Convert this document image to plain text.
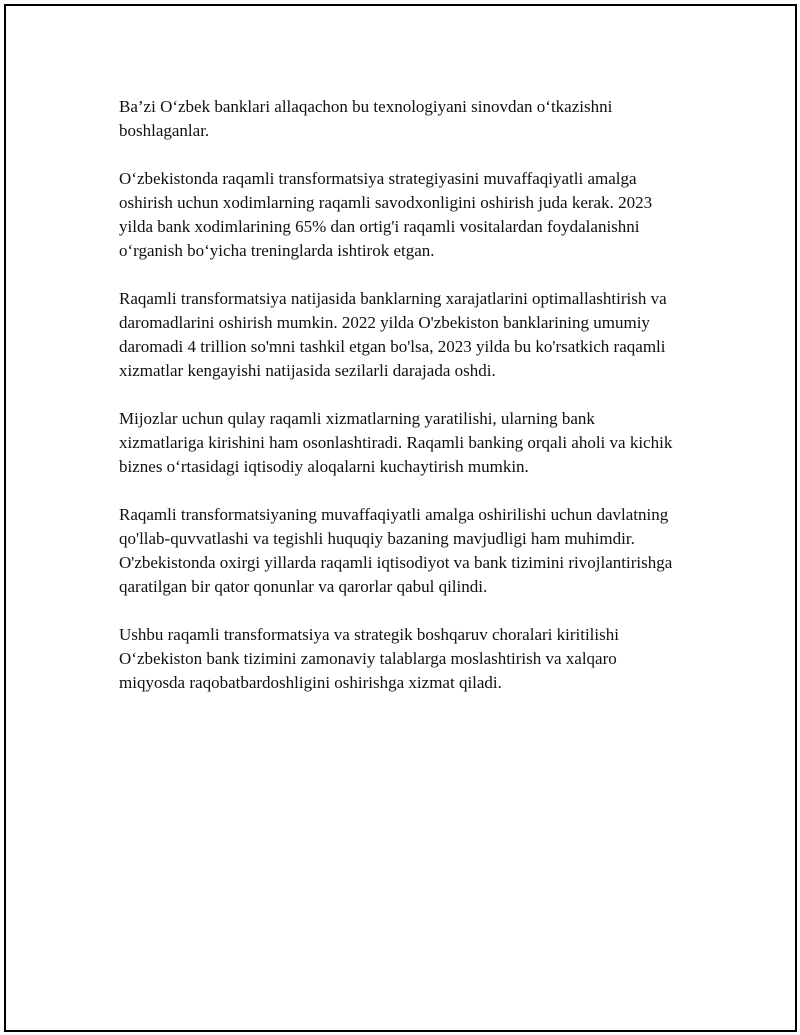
Ba’zi O‘zbek banklari allaqachon bu texnologiyani sinovdan o‘tkazishni boshlaganlar.

O‘zbekistonda raqamli transformatsiya strategiyasini muvaffaqiyatli amalga oshirish uchun xodimlarning raqamli savodxonligini oshirish juda kerak. 2023 yilda bank xodimlarining 65% dan ortig'i raqamli vositalardan foydalanishni o‘rganish bo‘yicha treninglarda ishtirok etgan.

Raqamli transformatsiya natijasida banklarning xarajatlarini optimallashtirish va daromadlarini oshirish mumkin. 2022 yilda O'zbekiston banklarining umumiy daromadi 4 trillion so'mni tashkil etgan bo'lsa, 2023 yilda bu ko'rsatkich raqamli xizmatlar kengayishi natijasida sezilarli darajada oshdi.

Mijozlar uchun qulay raqamli xizmatlarning yaratilishi, ularning bank xizmatlariga kirishini ham osonlashtiradi. Raqamli banking orqali aholi va kichik biznes o‘rtasidagi iqtisodiy aloqalarni kuchaytirish mumkin.

Raqamli transformatsiyaning muvaffaqiyatli amalga oshirilishi uchun davlatning qo'llab-quvvatlashi va tegishli huquqiy bazaning mavjudligi ham muhimdir. O'zbekistonda oxirgi yillarda raqamli iqtisodiyot va bank tizimini rivojlantirishga qaratilgan bir qator qonunlar va qarorlar qabul qilindi.

Ushbu raqamli transformatsiya va strategik boshqaruv choralari kiritilishi O‘zbekiston bank tizimini zamonaviy talablarga moslashtirish va xalqaro miqyosda raqobatbardoshligini oshirishga xizmat qiladi.
